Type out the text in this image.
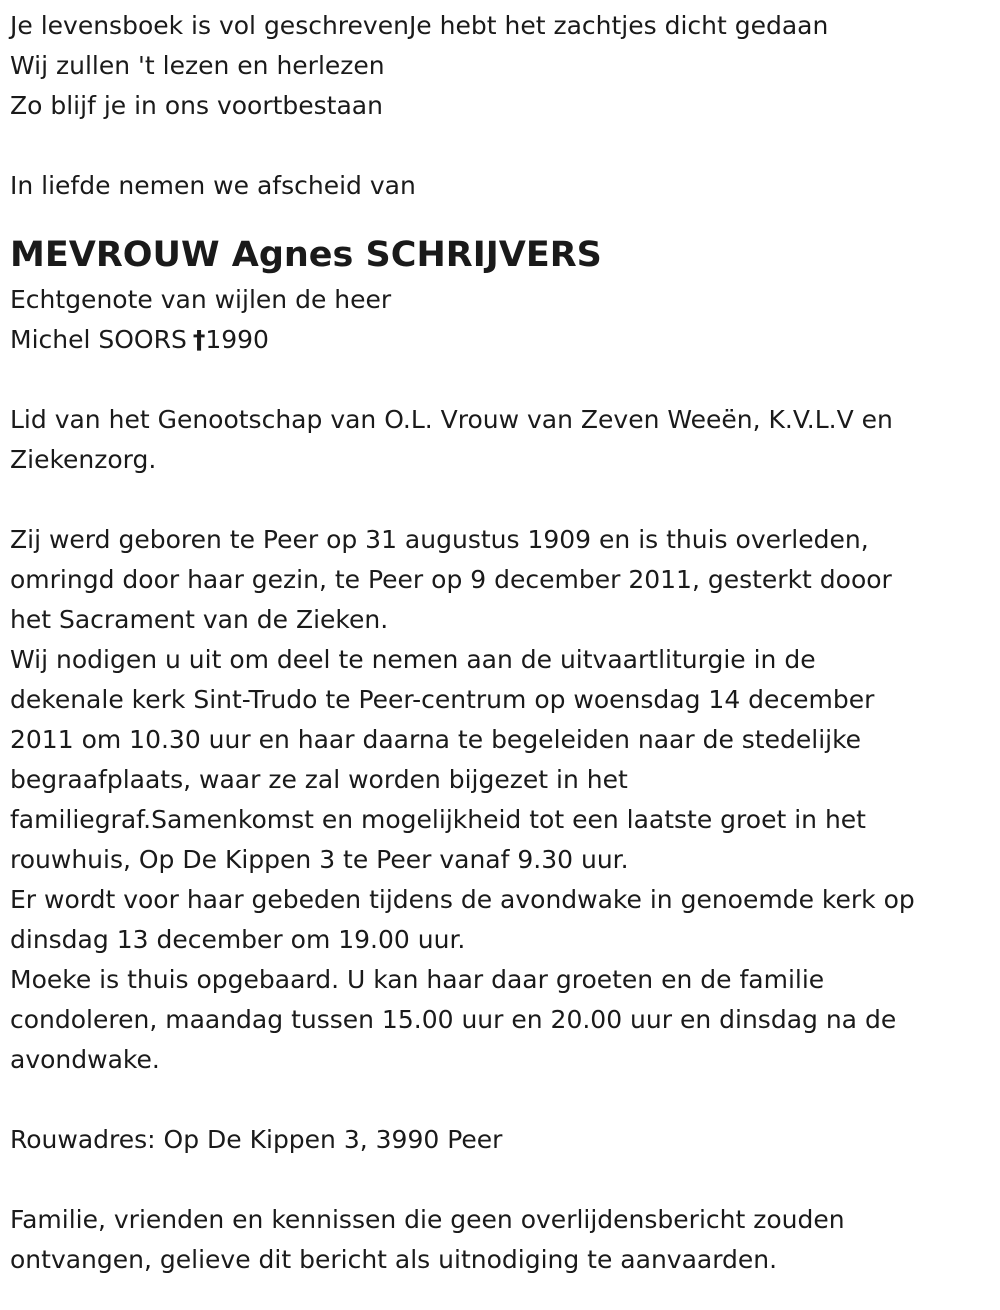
Je levensboek is vol geschrevenJe hebt het zachtjes dicht gedaan

Wij zullen 't lezen en herlezen

Zo blijf je in ons voortbestaan

In liefde nemen we afscheid van

MEVROUW Agnes SCHRIJVERS

Echtgenote van wijlen de heer

Michel SOORS †1990

Lid van het Genootschap van O.L. Vrouw van Zeven Weeën, K.V.L.V en

Ziekenzorg.

Zij werd geboren te Peer op 31 augustus 1909 en is thuis overleden,

omringd door haar gezin, te Peer op 9 december 2011, gesterkt dooor

het Sacrament van de Zieken.

Wij nodigen u uit om deel te nemen aan de uitvaartliturgie in de

dekenale kerk Sint-Trudo te Peer-centrum op woensdag 14 december

2011 om 10.30 uur en haar daarna te begeleiden naar de stedelijke

begraafplaats, waar ze zal worden bijgezet in het

familiegraf.Samenkomst en mogelijkheid tot een laatste groet in het

rouwhuis, Op De Kippen 3 te Peer vanaf 9.30 uur.

Er wordt voor haar gebeden tijdens de avondwake in genoemde kerk op

dinsdag 13 december om 19.00 uur.

Moeke is thuis opgebaard. U kan haar daar groeten en de familie

condoleren, maandag tussen 15.00 uur en 20.00 uur en dinsdag na de

avondwake.

Rouwadres: Op De Kippen 3, 3990 Peer

Familie, vrienden en kennissen die geen overlijdensbericht zouden

ontvangen, gelieve dit bericht als uitnodiging te aanvaarden.
